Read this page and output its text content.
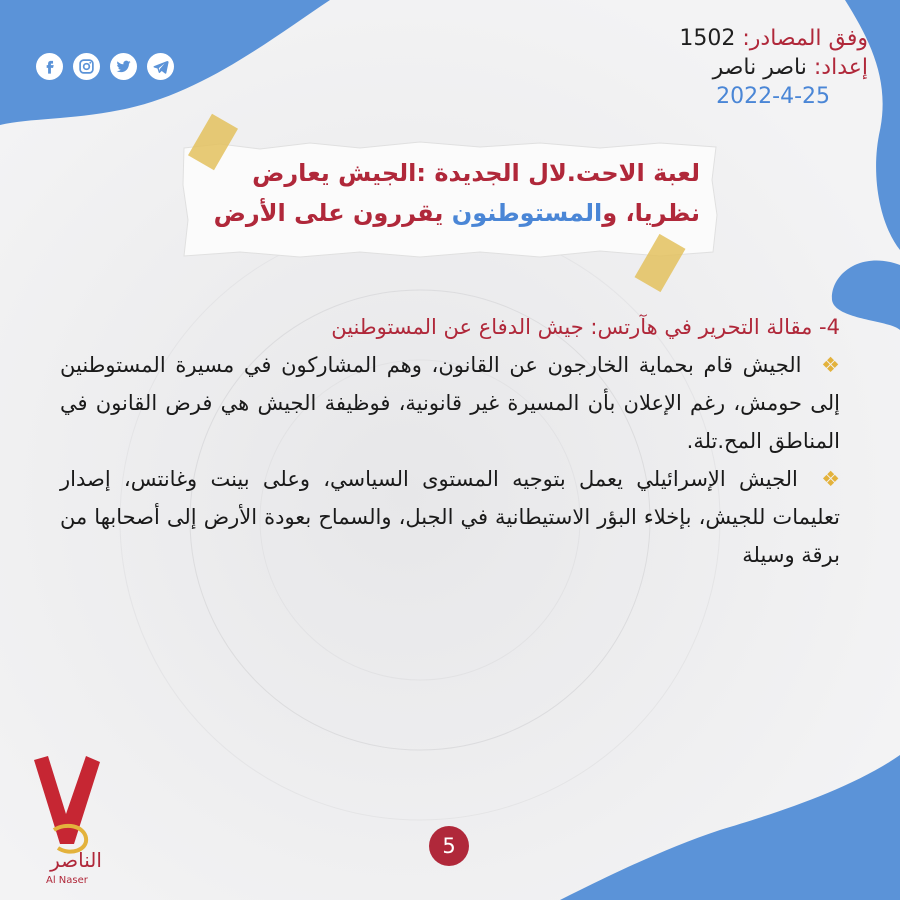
وفق المصادر: 1502
إعداد: ناصر ناصر
2022-4-25
لعبة الاحت.لال الجديدة :الجيش يعارض
نظريا، والمستوطنون يقررون على الأرض
4- مقالة التحرير في هآرتس: جيش الدفاع عن المستوطنين

❖ الجيش قام بحماية الخارجون عن القانون، وهم المشاركون في مسيرة المستوطنين إلى حومش، رغم الإعلان بأن المسيرة غير قانونية، فوظيفة الجيش هي فرض القانون في المناطق المح.تلة.

❖ الجيش الإسرائيلي يعمل بتوجيه المستوى السياسي، وعلى بينت وغانتس، إصدار تعليمات للجيش، بإخلاء البؤر الاستيطانية في الجبل، والسماح بعودة الأرض إلى أصحابها من برقة وسيلة

5
الناصر
Al Naser
